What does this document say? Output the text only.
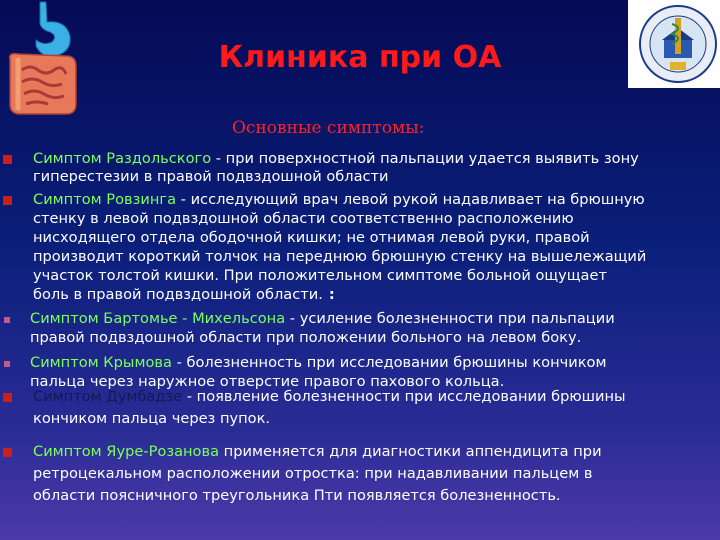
Клиника при ОА
Основные симптомы:
Симптом Раздольского - при поверхностной пальпации удается выявить зону
гиперестезии в правой подвздошной области
Симптом Ровзинга - исследующий врач левой рукой надавливает на брюшную
стенку в левой подвздошной области соответственно расположению
нисходящего отдела ободочной кишки; не отнимая левой руки, правой
производит короткий толчок на переднюю брюшную стенку на вышележащий
участок толстой кишки. При положительном симптоме больной ощущает
боль в правой подвздошной области. :
Симптом Бартомье - Михельсона - усиление болезненности при пальпации
правой подвздошной области при положении больного на левом боку.
Симптом Крымова - болезненность при исследовании брюшины кончиком
пальца через наружное отверстие правого пахового кольца.
Симптом Думбадзе - появление болезненности при исследовании брюшины
кончиком пальца через пупок.
Симптом Яуре-Розанова применяется для диагностики аппендицита при
ретроцекальном расположении отростка: при надавливании пальцем в
области поясничного треугольника Пти появляется болезненность.
